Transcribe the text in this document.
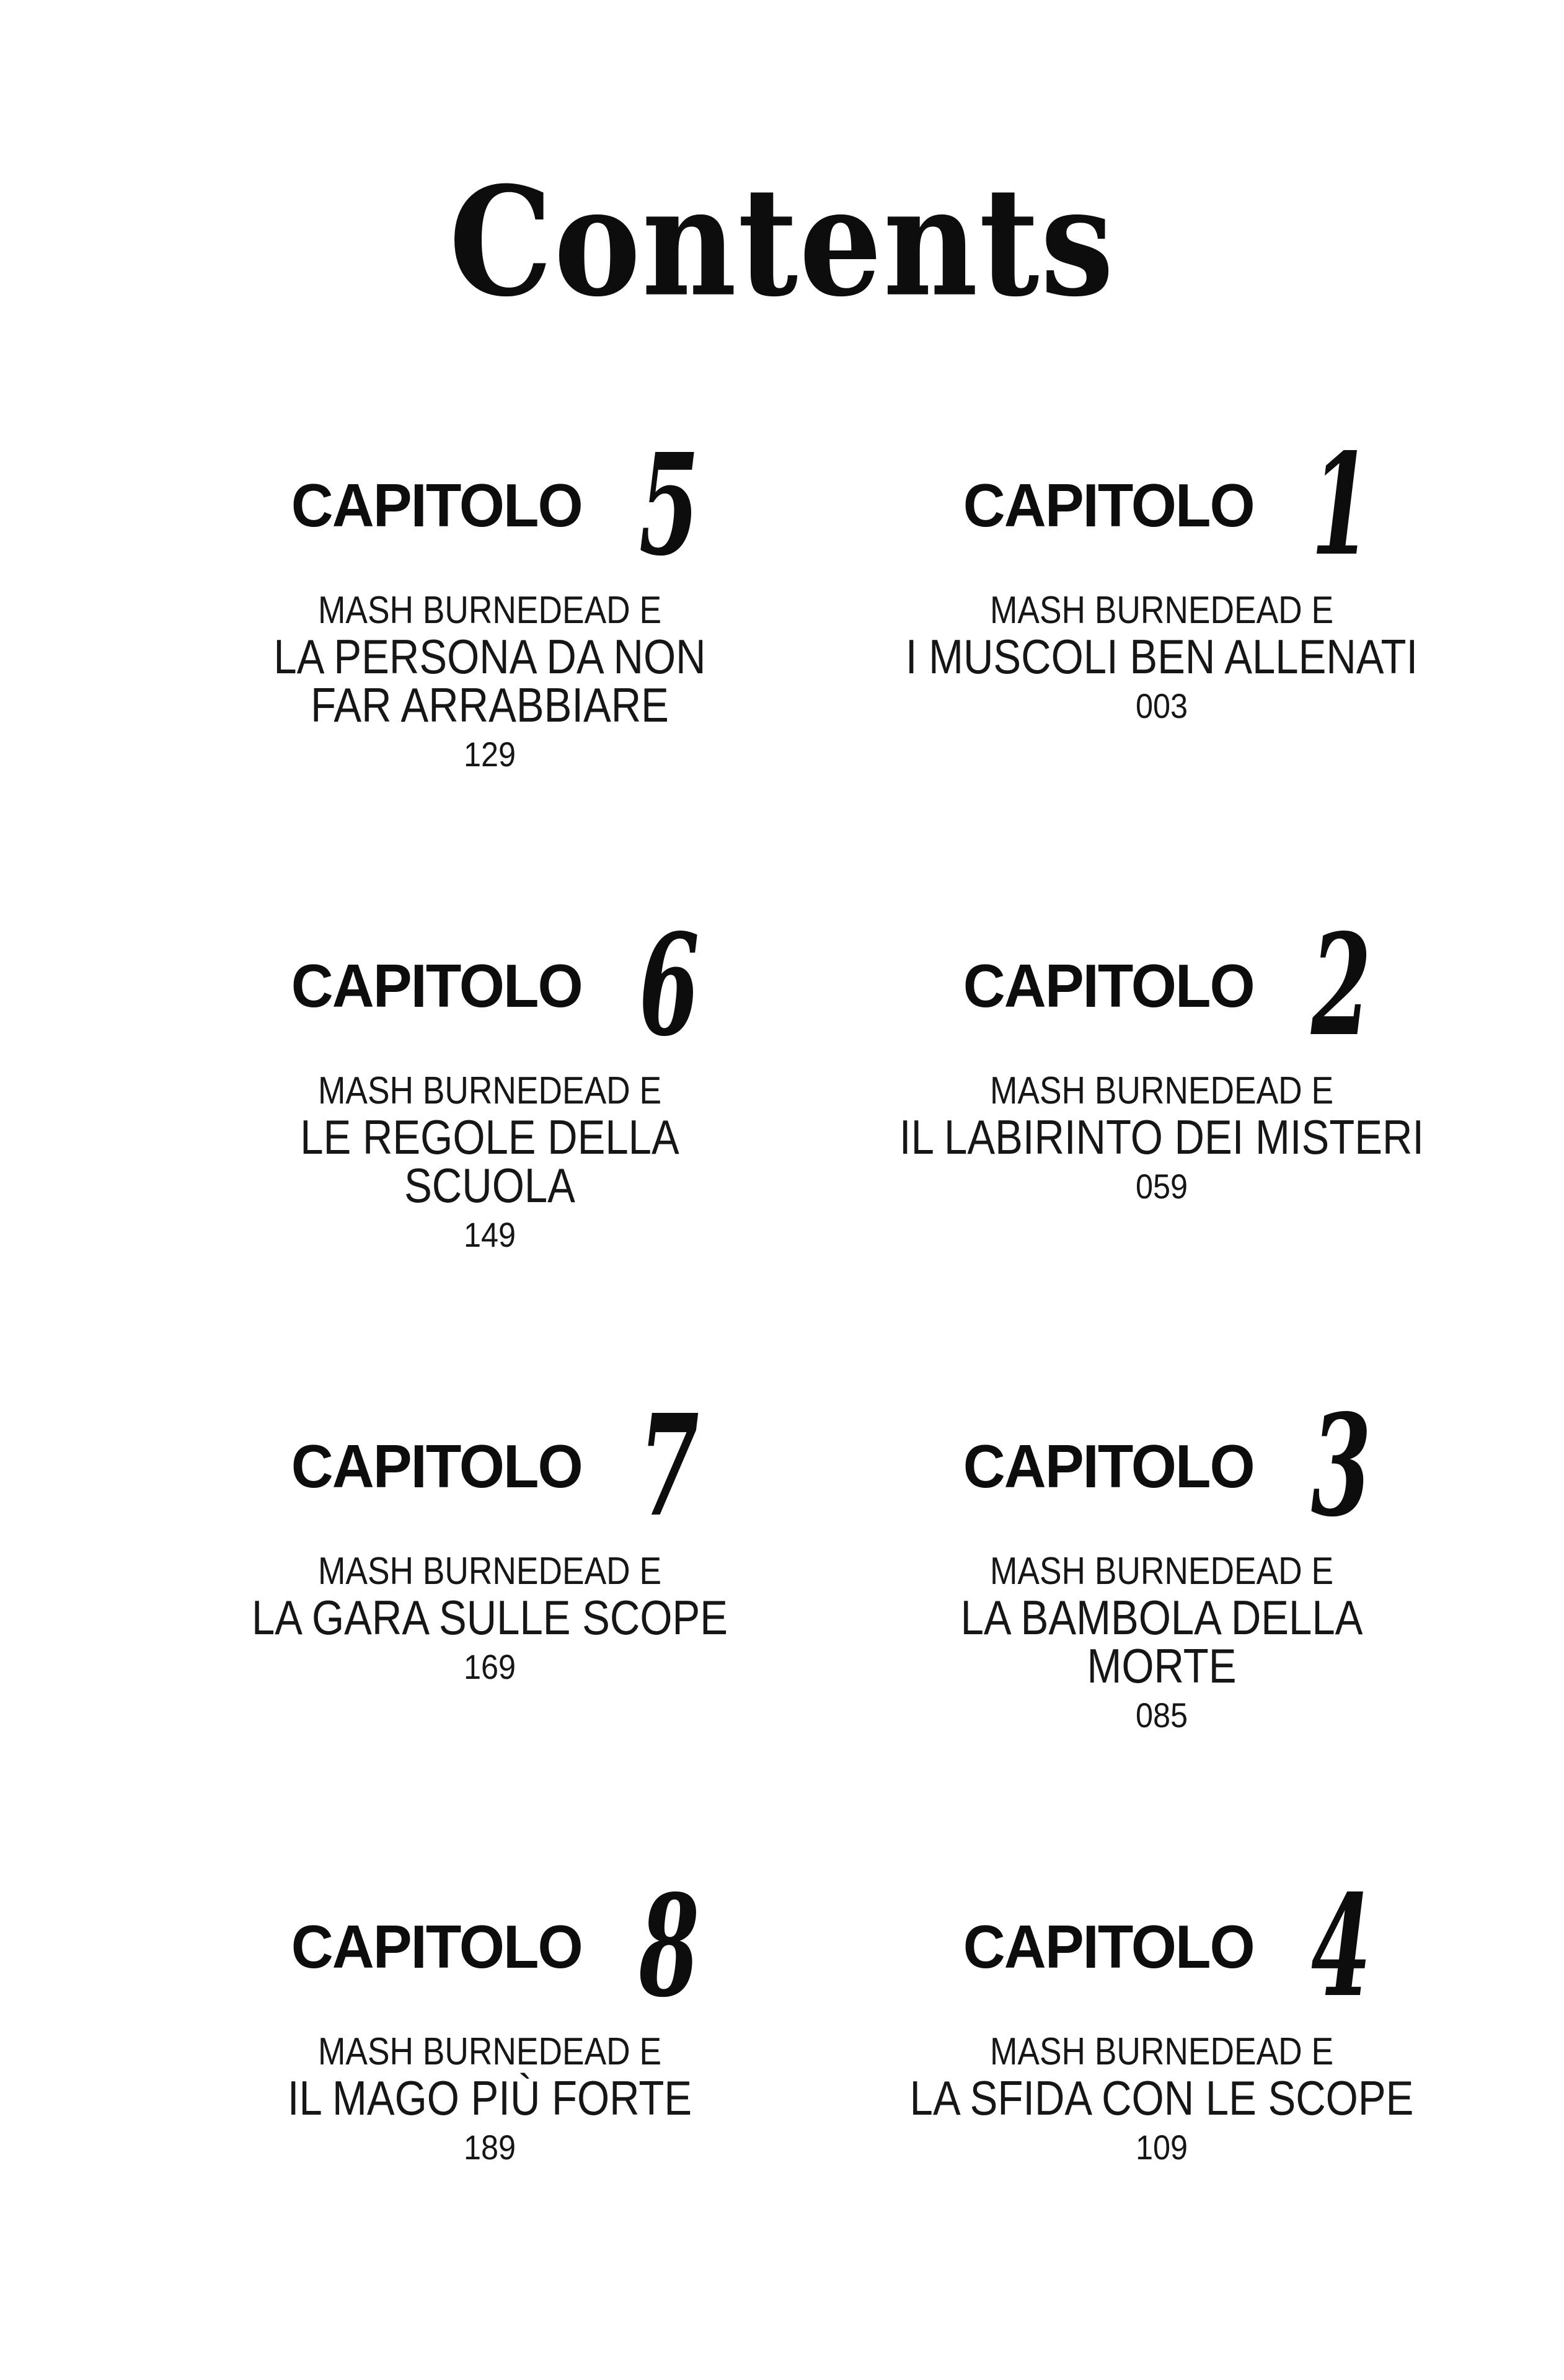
Contents
CAPITOLO 5
MASH BURNEDEAD E
LA PERSONA DA NON
FAR ARRABBIARE
129
CAPITOLO 1
MASH BURNEDEAD E
I MUSCOLI BEN ALLENATI
003
CAPITOLO 6
MASH BURNEDEAD E
LE REGOLE DELLA SCUOLA
149
CAPITOLO 2
MASH BURNEDEAD E
IL LABIRINTO DEI MISTERI
059
CAPITOLO 7
MASH BURNEDEAD E
LA GARA SULLE SCOPE
169
CAPITOLO 3
MASH BURNEDEAD E
LA BAMBOLA DELLA MORTE
085
CAPITOLO 8
MASH BURNEDEAD E
IL MAGO PIÙ FORTE
189
CAPITOLO 4
MASH BURNEDEAD E
LA SFIDA CON LE SCOPE
109
